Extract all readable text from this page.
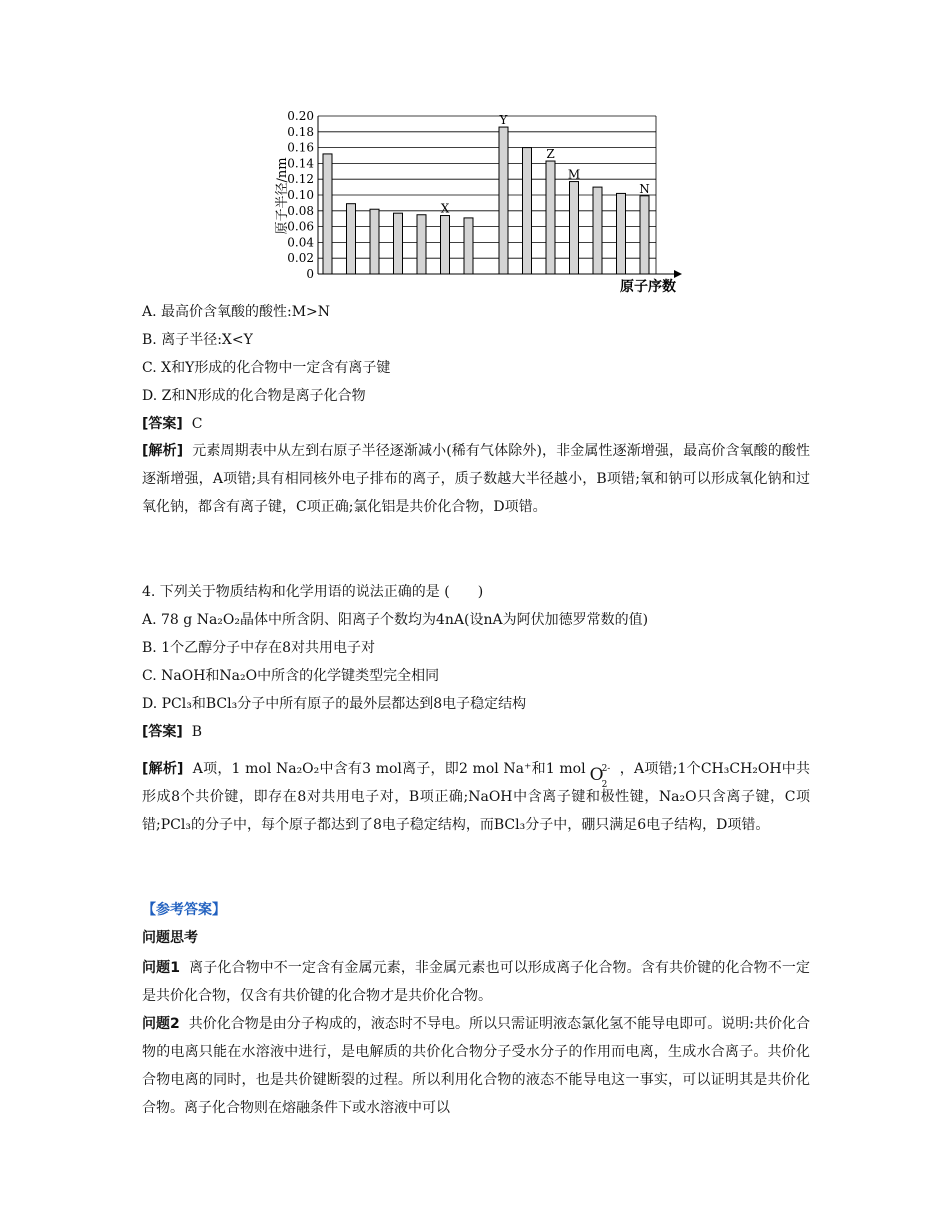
0.20
0.18
0.16
0.14
0.12
0.10
0.08
0.06
0.04
0.02
0
X
Y
Z
M
N
原子半径/nm
原子序数
A. 最高价含氧酸的酸性:M>N
B. 离子半径:X<Y
C. X和Y形成的化合物中一定含有离子键
D. Z和N形成的化合物是离子化合物
[答案] C
[解析] 元素周期表中从左到右原子半径逐渐减小(稀有气体除外)，非金属性逐渐增强，最高价含氧酸的酸性逐渐增强，A项错;具有相同核外电子排布的离子，质子数越大半径越小，B项错;氧和钠可以形成氧化钠和过氧化钠，都含有离子键，C项正确;氯化铝是共价化合物，D项错。
4. 下列关于物质结构和化学用语的说法正确的是 (　　)
A. 78 g Na₂O₂晶体中所含阴、阳离子个数均为4nA(设nA为阿伏加德罗常数的值)
B. 1个乙醇分子中存在8对共用电子对
C. NaOH和Na₂O中所含的化学键类型完全相同
D. PCl₃和BCl₃分子中所有原子的最外层都达到8电子稳定结构
[答案] B
[解析] A项，1 mol Na₂O₂中含有3 mol离子，即2 mol Na⁺和1 mol O
2-
2
，A项错;1个CH₃CH₂OH中共形成8个共价键，即存在8对共用电子对，B项正确;NaOH中含离子键和极性键，Na₂O只含离子键，C项错;PCl₃的分子中，每个原子都达到了8电子稳定结构，而BCl₃分子中，硼只满足6电子结构，D项错。
【参考答案】
问题思考
问题1 离子化合物中不一定含有金属元素，非金属元素也可以形成离子化合物。含有共价键的化合物不一定是共价化合物，仅含有共价键的化合物才是共价化合物。
问题2 共价化合物是由分子构成的，液态时不导电。所以只需证明液态氯化氢不能导电即可。说明:共价化合物的电离只能在水溶液中进行，是电解质的共价化合物分子受水分子的作用而电离，生成水合离子。共价化合物电离的同时，也是共价键断裂的过程。所以利用化合物的液态不能导电这一事实，可以证明其是共价化合物。离子化合物则在熔融条件下或水溶液中可以
